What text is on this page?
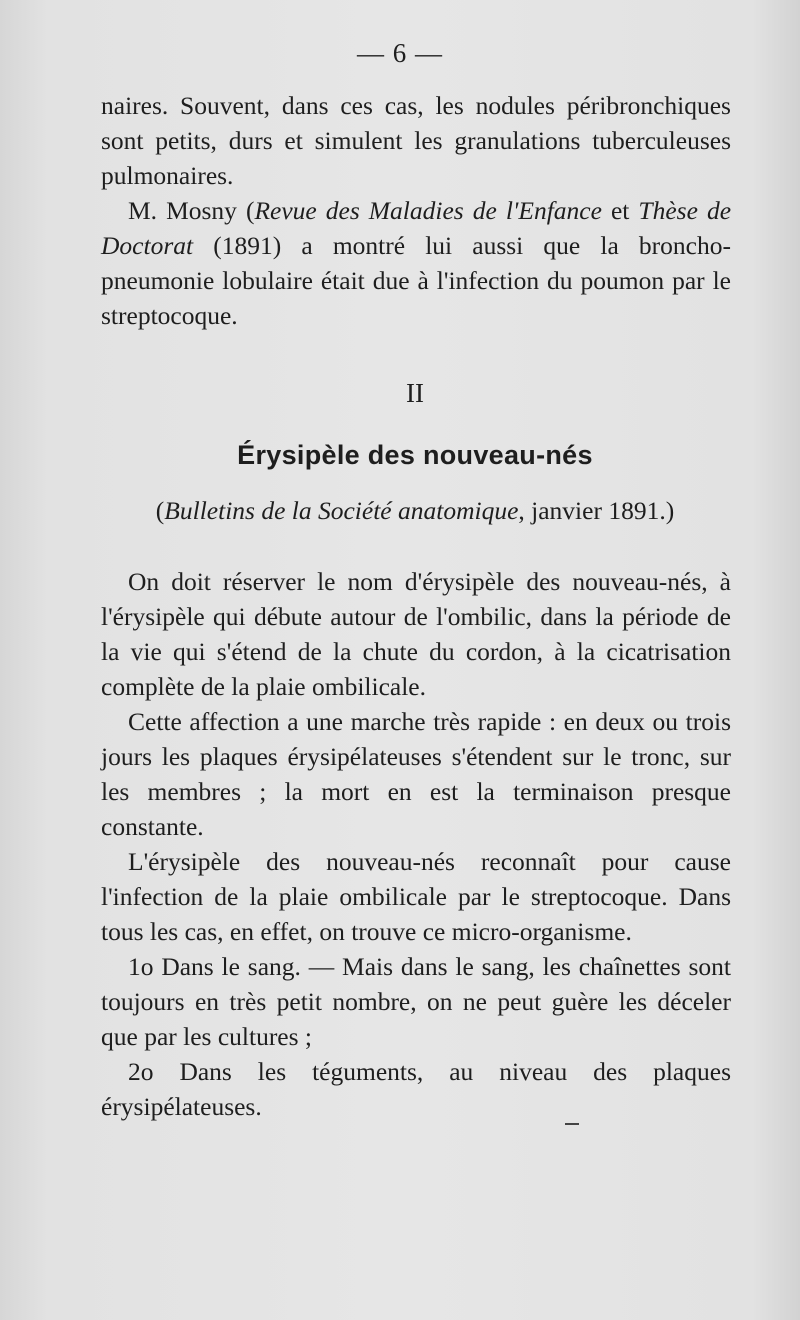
— 6 —

naires. Souvent, dans ces cas, les nodules péribronchiques sont petits, durs et simulent les granulations tuberculeuses pulmonaires.

M. Mosny (Revue des Maladies de l'Enfance et Thèse de Doctorat (1891) a montré lui aussi que la broncho-pneumonie lobulaire était due à l'infection du poumon par le streptocoque.

II
Érysipèle des nouveau-nés
(Bulletins de la Société anatomique, janvier 1891.)

On doit réserver le nom d'érysipèle des nouveau-nés, à l'érysipèle qui débute autour de l'ombilic, dans la période de la vie qui s'étend de la chute du cordon, à la cicatrisation complète de la plaie ombilicale.

Cette affection a une marche très rapide : en deux ou trois jours les plaques érysipélateuses s'étendent sur le tronc, sur les membres ; la mort en est la terminaison presque constante.

L'érysipèle des nouveau-nés reconnaît pour cause l'infection de la plaie ombilicale par le streptocoque. Dans tous les cas, en effet, on trouve ce micro-organisme.

1o Dans le sang. — Mais dans le sang, les chaînettes sont toujours en très petit nombre, on ne peut guère les déceler que par les cultures ;

2o Dans les téguments, au niveau des plaques érysipélateuses.
